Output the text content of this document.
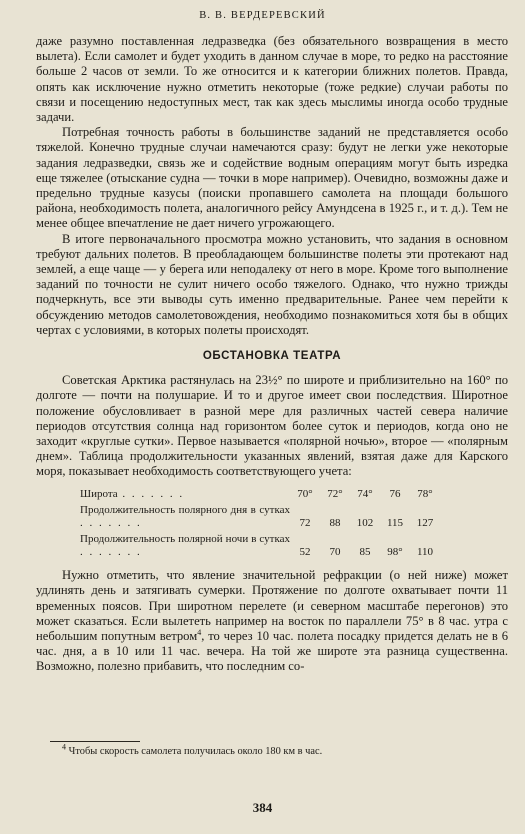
В. В. ВЕРДЕРЕВСКИЙ

даже разумно поставленная ледразведка (без обязательного возвращения в место вылета). Если самолет и будет уходить в данном случае в море, то редко на расстояние больше 2 часов от земли. То же относится и к категории ближних полетов. Правда, опять как исключение нужно отметить некоторые (тоже редкие) случаи работы по связи и посещению недоступных мест, так как здесь мыслимы иногда особо трудные задачи.

Потребная точность работы в большинстве заданий не представляется особо тяжелой. Конечно трудные случаи намечаются сразу: будут не легки уже некоторые задания ледразведки, связь же и содействие водным операциям могут быть изредка еще тяжелее (отыскание судна — точки в море например). Очевидно, возможны даже и предельно трудные казусы (поиски пропавшего самолета на площади большого района, необходимость полета, аналогичного рейсу Амундсена в 1925 г., и т. д.). Тем не менее общее впечатление не дает ничего угрожающего.

В итоге первоначального просмотра можно установить, что задания в основном требуют дальних полетов. В преобладающем большинстве полеты эти протекают над землей, а еще чаще — у берега или неподалеку от него в море. Кроме того выполнение заданий по точности не сулит ничего особо тяжелого. Однако, что нужно трижды подчеркнуть, все эти выводы суть именно предварительные. Ранее чем перейти к обсуждению методов самолетовождения, необходимо познакомиться хотя бы в общих чертах с условиями, в которых полеты происходят.

ОБСТАНОВКА ТЕАТРА

Советская Арктика растянулась на 23½° по широте и приблизительно на 160° по долготе — почти на полушарие. И то и другое имеет свои последствия. Широтное положение обусловливает в разной мере для различных частей севера наличие периодов отсутствия солнца над горизонтом более суток и периодов, когда оно не заходит «круглые сутки». Первое называется «полярной ночью», второе — «полярным днем». Таблица продолжительности указанных явлений, взятая даже для Карского моря, показывает необходимость соответствующего учета:

Широта . . . . . . .	70°	72°	74°	76	78°
Продолжительность полярного дня в сутках . . . . . . .	72	88	102	115	127
Продолжительность полярной ночи в сутках . . . . . . .	52	70	85	98°	110

Нужно отметить, что явление значительной рефракции (о ней ниже) может удлинять день и затягивать сумерки. Протяжение по долготе охватывает почти 11 временных поясов. При широтном перелете (и северном масштабе перегонов) это может сказаться. Если вылететь например на восток по параллели 75° в 8 час. утра с небольшим попутным ветром$^4$, то через 10 час. полета посадку придется делать не в 6 час. дня, а в 10 или 11 час. вечера. На той же широте эта разница существенна. Возможно, полезно прибавить, что последним со-

$^4$ Чтобы скорость самолета получилась около 180 км в час.
384
